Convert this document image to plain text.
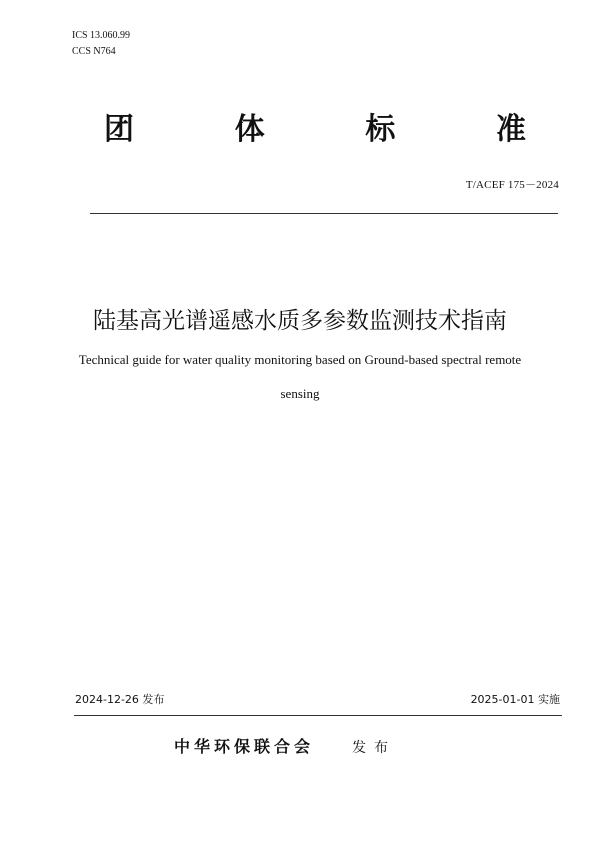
ICS 13.060.99
CCS N764
团	体	标	准
T/ACEF 175－2024
陆基高光谱遥感水质多参数监测技术指南
Technical guide for water quality monitoring based on Ground-based spectral remote
sensing
2024-12-26 发布	2025-01-01 实施
中华环保联合会	发布
